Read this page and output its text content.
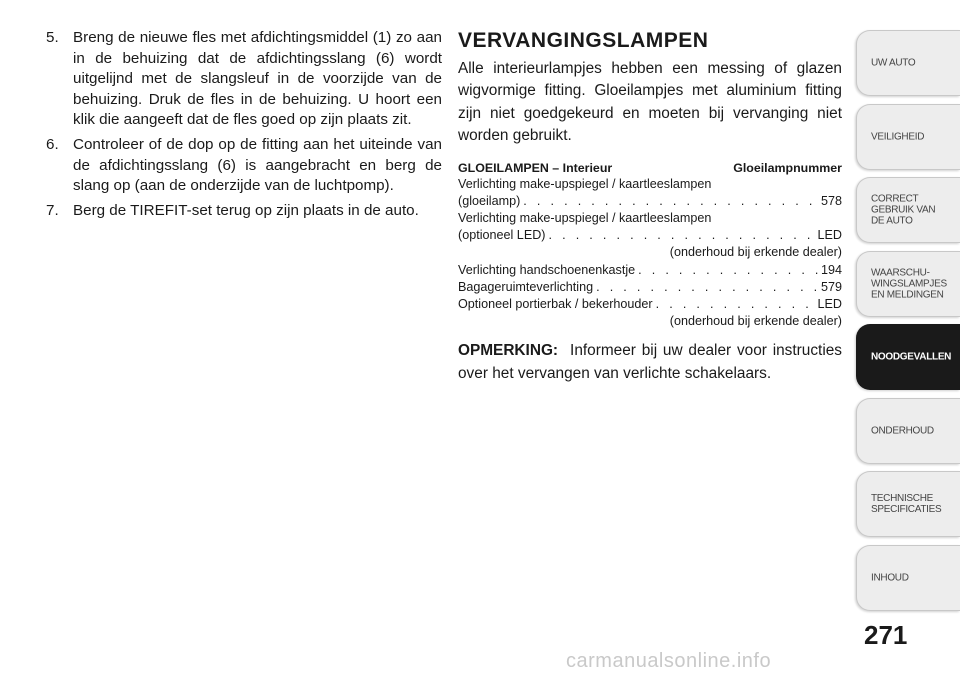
5. Breng de nieuwe fles met afdichtingsmiddel (1) zo aan in de behuizing dat de afdichtingsslang (6) wordt uitgelijnd met de slangsleuf in de voorzijde van de behuizing. Druk de fles in de behuizing. U hoort een klik die aangeeft dat de fles goed op zijn plaats zit.
6. Controleer of de dop op de fitting aan het uiteinde van de afdichtingsslang (6) is aangebracht en berg de slang op (aan de onderzijde van de luchtpomp).
7. Berg de TIREFIT-set terug op zijn plaats in de auto.
VERVANGINGSLAMPEN

Alle interieurlampjes hebben een messing of glazen wigvormige fitting. Gloeilampjes met aluminium fitting zijn niet goedgekeurd en moeten bij vervanging niet worden gebruikt.

GLOEILAMPEN – Interieur	Gloeilampnummer
Verlichting make-upspiegel / kaartleeslampen
(gloeilamp) . . .	578
Verlichting make-upspiegel / kaartleeslampen
(optioneel LED) . . .	LED
(onderhoud bij erkende dealer)
Verlichting handschoenenkastje . . .	194
Bagageruimteverlichting . . .	579
Optioneel portierbak / bekerhouder . . .	LED
(onderhoud bij erkende dealer)

OPMERKING: Informeer bij uw dealer voor instructies over het vervangen van verlichte schakelaars.

UW AUTO
VEILIGHEID
CORRECT
GEBRUIK VAN
DE AUTO
WAARSCHU-
WINGSLAMPJES
EN MELDINGEN
NOODGEVALLEN
ONDERHOUD
TECHNISCHE
SPECIFICATIES
INHOUD
271
carmanualsonline.info
